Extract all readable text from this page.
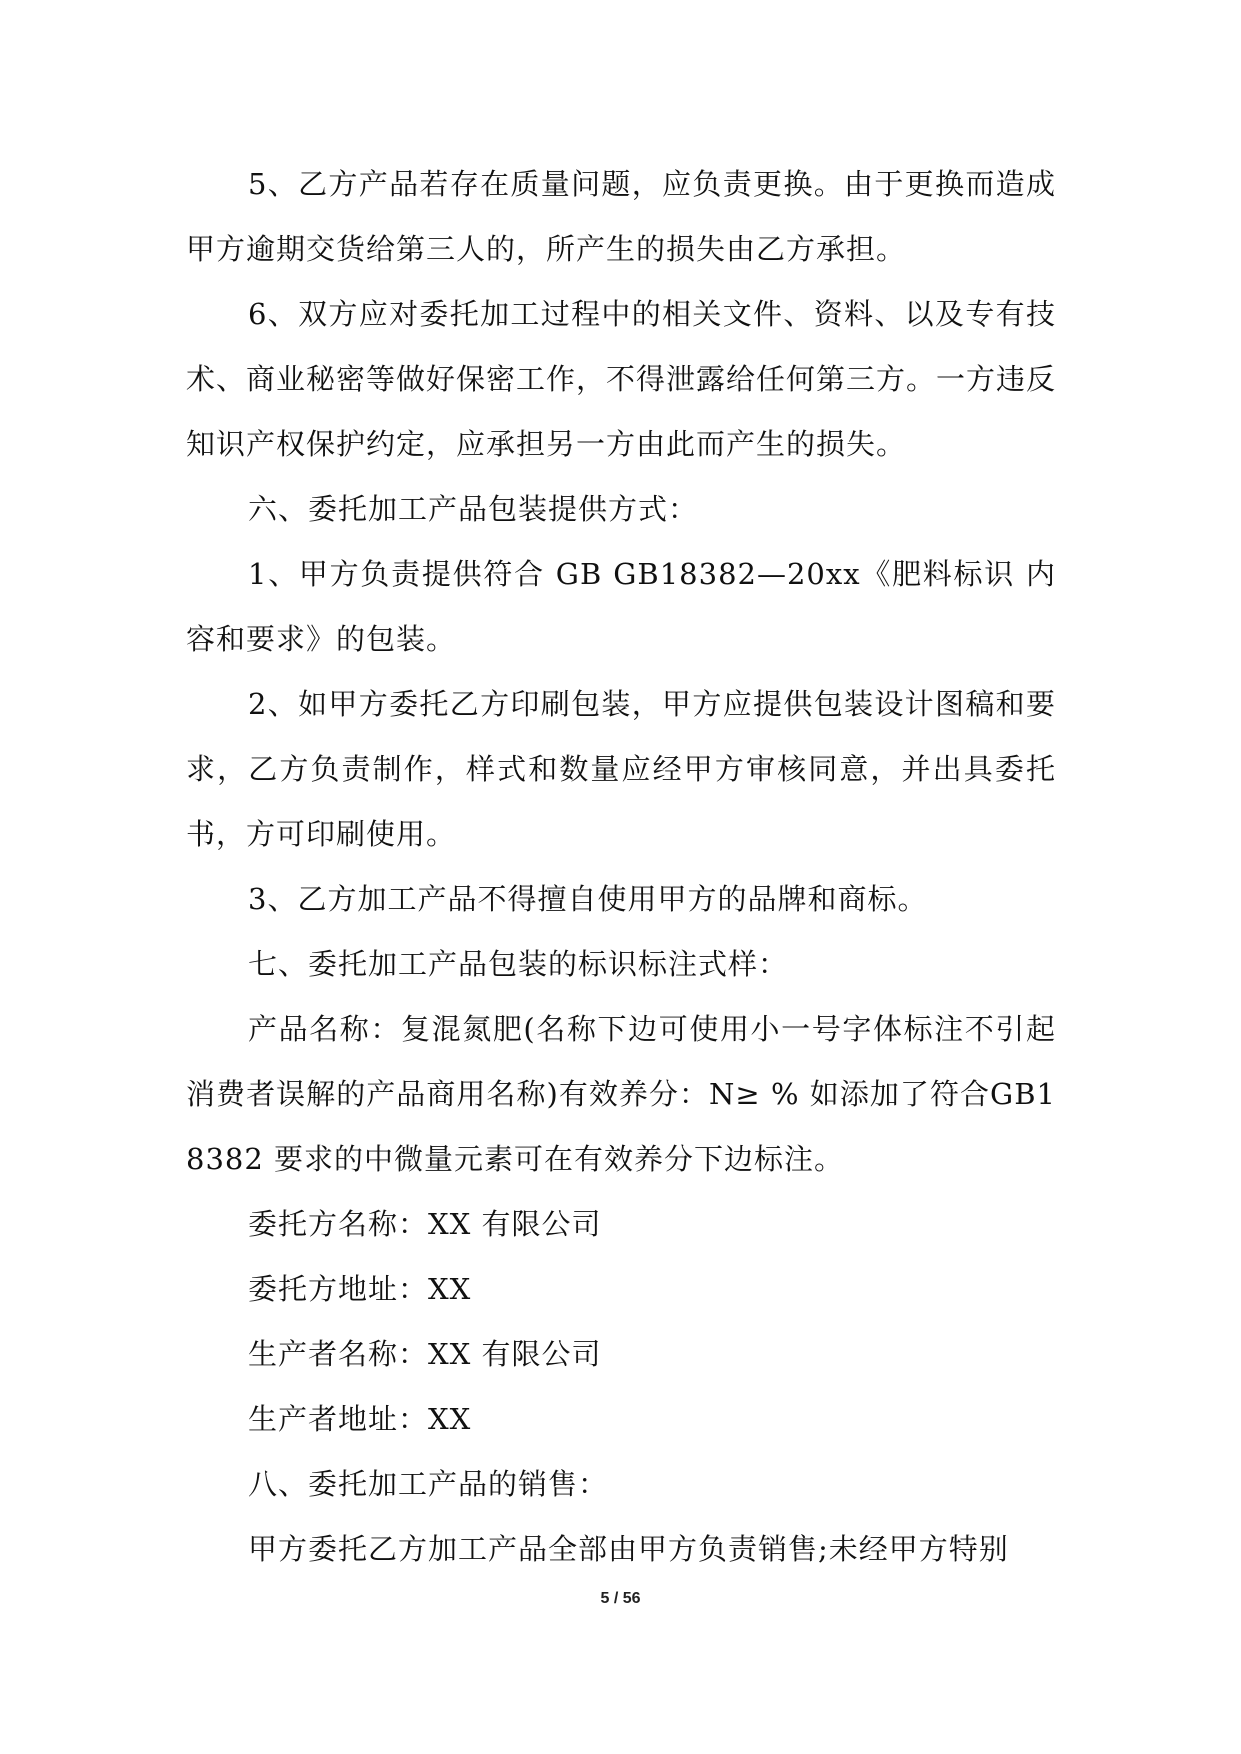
5、乙方产品若存在质量问题，应负责更换。由于更换而造成甲方逾期交货给第三人的，所产生的损失由乙方承担。

6、双方应对委托加工过程中的相关文件、资料、以及专有技术、商业秘密等做好保密工作，不得泄露给任何第三方。一方违反知识产权保护约定，应承担另一方由此而产生的损失。

六、委托加工产品包装提供方式：

1、甲方负责提供符合 GB GB18382—20xx《肥料标识 内容和要求》的包装。

2、如甲方委托乙方印刷包装，甲方应提供包装设计图稿和要求，乙方负责制作，样式和数量应经甲方审核同意，并出具委托书，方可印刷使用。

3、乙方加工产品不得擅自使用甲方的品牌和商标。

七、委托加工产品包装的标识标注式样：

产品名称：复混氮肥(名称下边可使用小一号字体标注不引起消费者误解的产品商用名称)有效养分：N≥ % 如添加了符合GB18382 要求的中微量元素可在有效养分下边标注。

委托方名称：XX 有限公司

委托方地址：XX

生产者名称：XX 有限公司

生产者地址：XX

八、委托加工产品的销售：

甲方委托乙方加工产品全部由甲方负责销售;未经甲方特别

5 / 56
